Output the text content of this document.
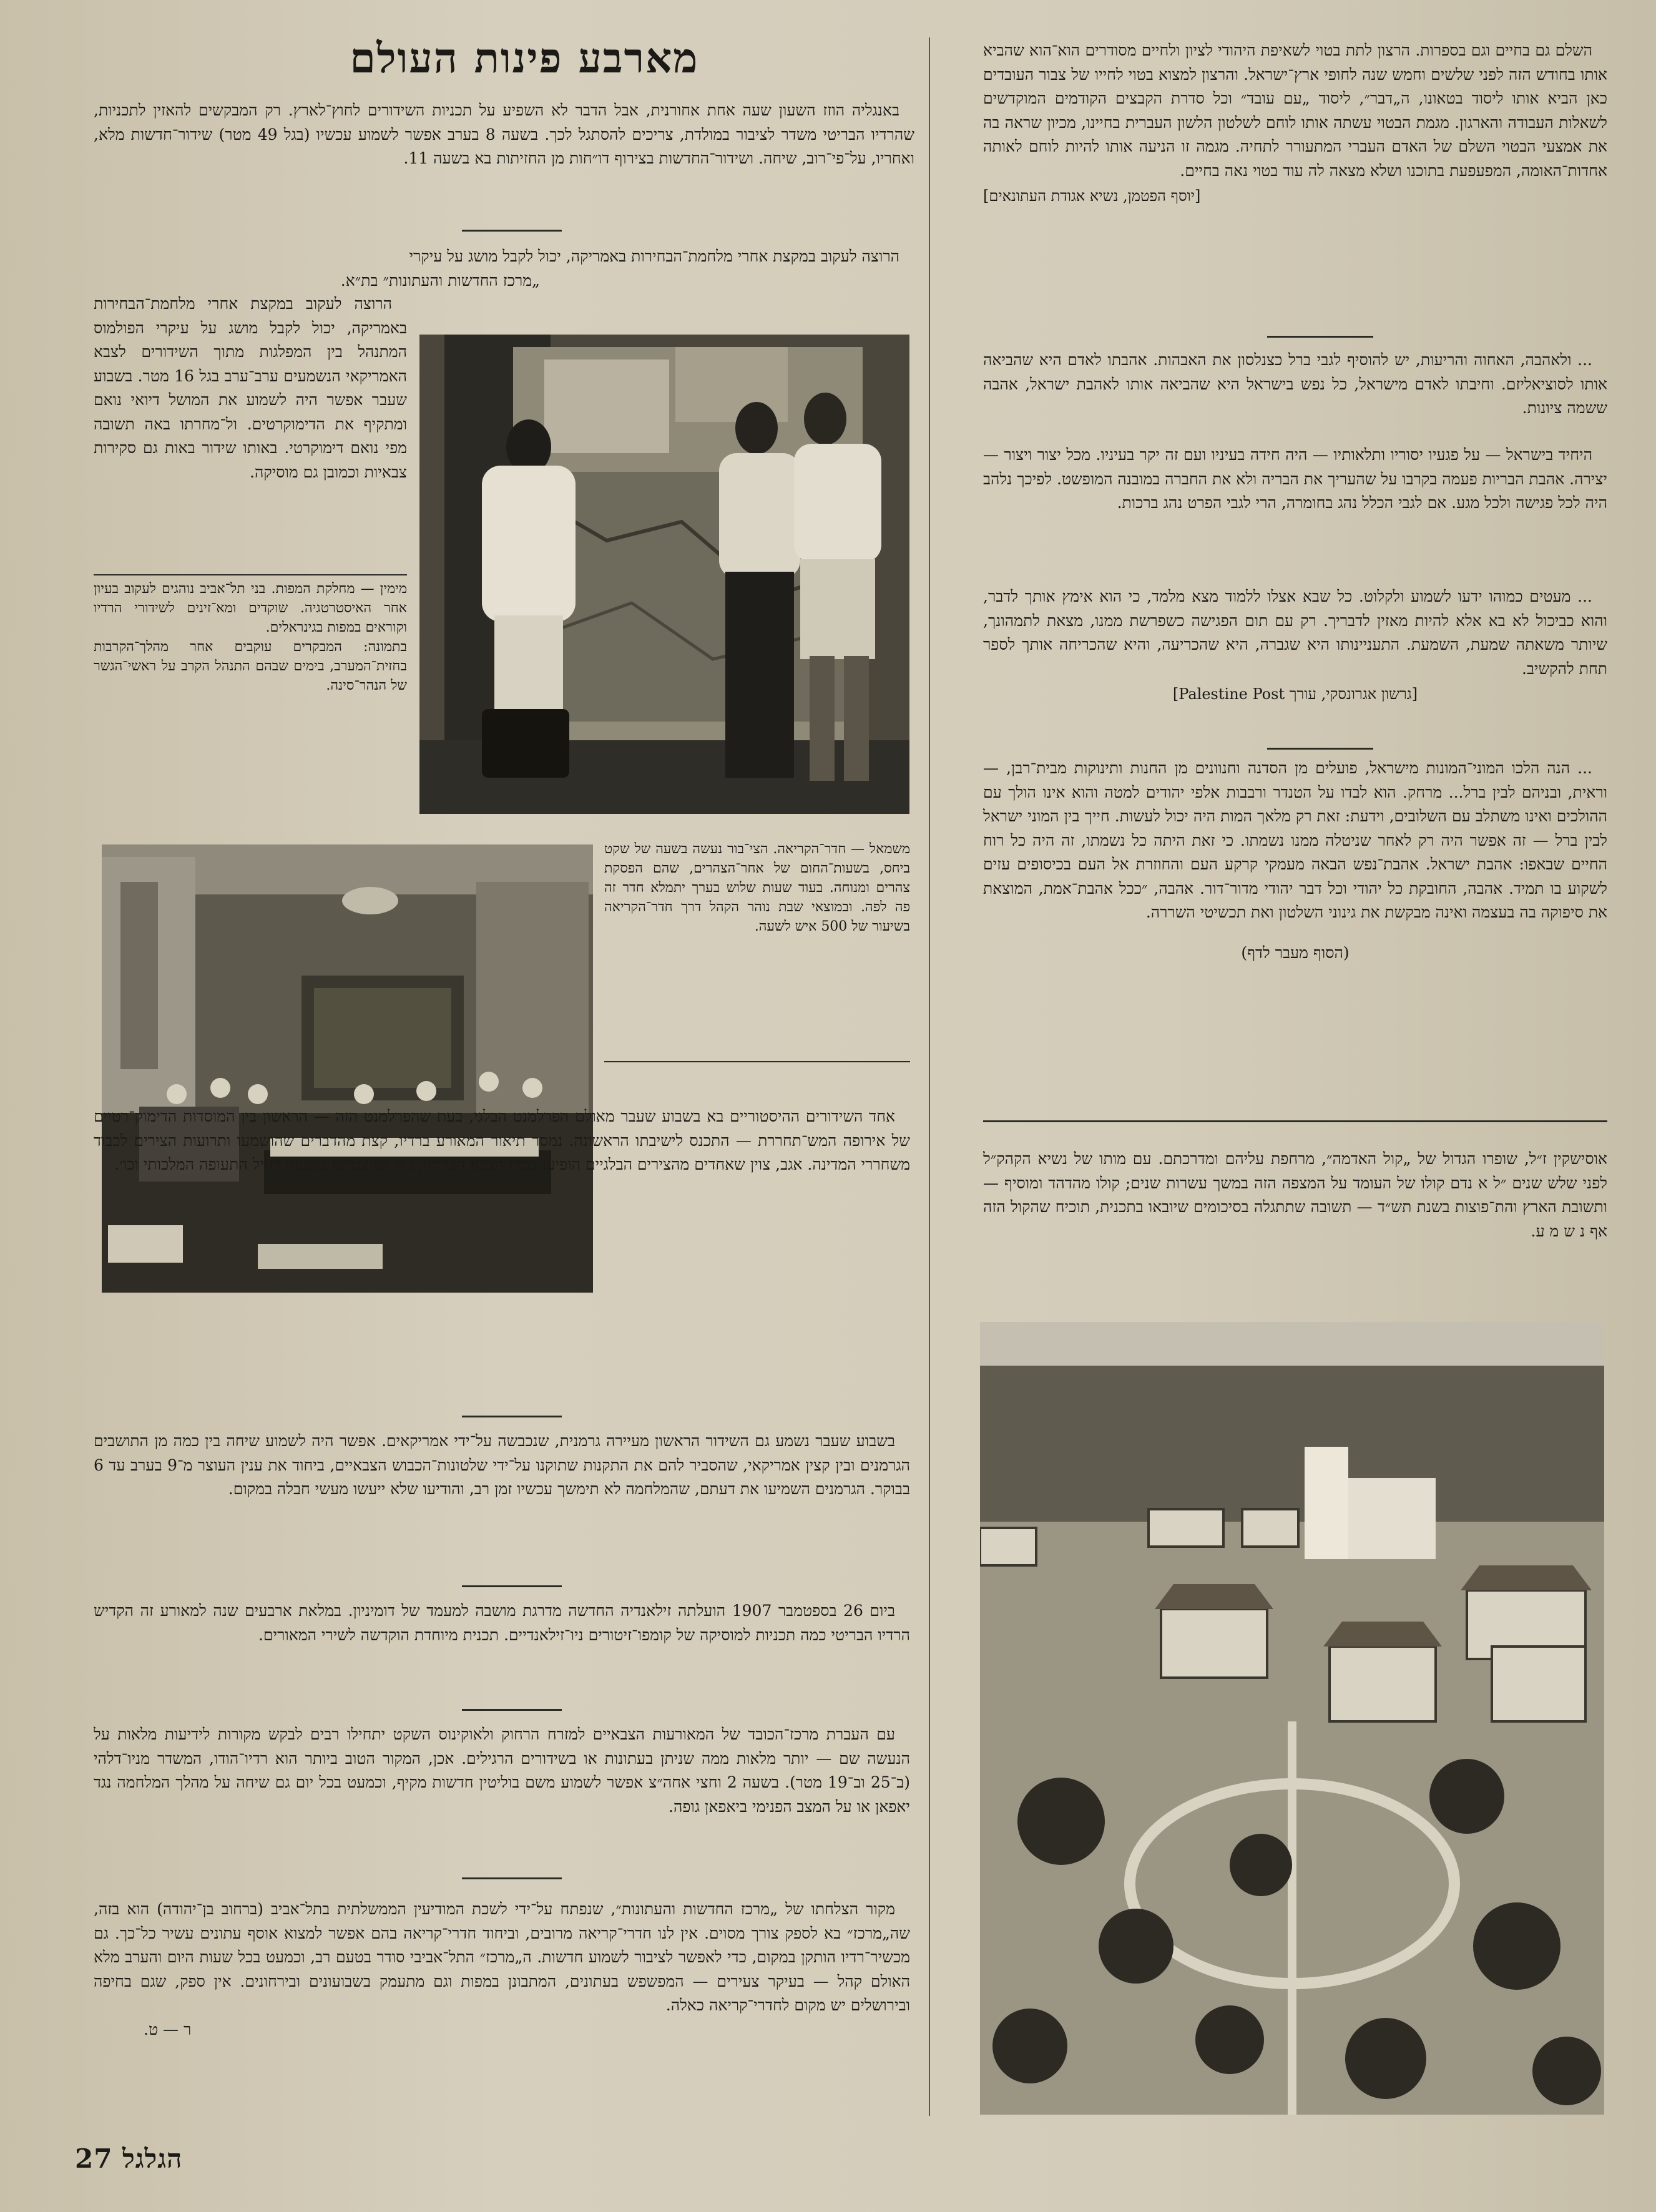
מארבע פינות העולם

באנגליה הוזז השעון שעה אחת אחורנית, אבל הדבר לא השפיע על תכניות השידורים לחוץ־לארץ. רק המבקשים להאזין לתכניות, שהרדיו הבריטי משדר לציבור במולדת, צריכים להסתגל לכך. בשעה 8 בערב אפשר לשמוע עכשיו (בגל 49 מטר) שידור־חדשות מלא, ואחריו, על־פי־רוב, שיחה. ושידור־החדשות בצירוף דו״חות מן החזיתות בא בשעה 11.

הרוצה לעקוב במקצת אחרי מלחמת־הבחירות באמריקה, יכול לקבל מושג על עיקרי

„מרכז החדשות והעתונות״ בת״א.

הרוצה לעקוב במקצת אחרי מלחמת־הבחירות באמריקה, יכול לקבל מושג על עיקרי הפולמוס המתנהל בין המפלגות מתוך השידורים לצבא האמריקאי הנשמעים ערב־ערב בגל 16 מטר. בשבוע שעבר אפשר היה לשמוע את המושל דיואי נואם ומתקיף את הדימוקרטים. ול־מחרתו באה תשובה מפי נואם דימוקרטי. באותו שידור באות גם סקירות צבאיות וכמובן גם מוסיקה.

מימין — מחלקת המפות. בני תל־אביב נוהגים לעקוב בעיון אחר האיסטרטגיה. שוקדים ומא־זינים לשידורי הרדיו וקוראים במפות בגינראלים.
בתמונה: המבקרים עוקבים אחר מהלך־הקרבות בחזית־המערב, בימים שבהם התנהל הקרב על ראשי־הגשר של הנהר־סינה.
משמאל — חדר־הקריאה. הצי־בור נעשה בשעה של שקט ביחס, בשעות־החום של אחר־הצהרים, שהם הפסקת צהרים ומנוחה. בעוד שעות שלוש בערך יתמלא חדר זה פה לפה. ובמוצאי שבת נוהר הקהל דרך חדר־הקריאה בשיעור של 500 איש לשעה.

אחד השידורים ההיסטוריים בא בשבוע שעבר מאולם הפרלמנט הבלגי, בעת שהפרלמנט הזה — הראשון בין המוסדות הדימוק־רטיים של אירופה המש־תחררת — התכנס לישיבתו הראשונה. נמסר תיאור המאורע ברדיו, קצת מהדברים שהושמעו ותרועות הצירים לכבוד משחררי המדינה. אגב, צוין שאחדים מהצירים הבלגיים הופיעו במדי הצבא הבריטי, כיון שהצטרפו בשעתו לחיל התעופה המלכותי וכו׳.

בשבוע שעבר נשמע גם השידור הראשון מעיירה גרמנית, שנכבשה על־ידי אמריקאים. אפשר היה לשמוע שיחה בין כמה מן התושבים הגרמנים ובין קצין אמריקאי, שהסביר להם את התקנות שתוקנו על־ידי שלטונות־הכבוש הצבאיים, ביחוד את ענין העוצר מ־9 בערב עד 6 בבוקר. הגרמנים השמיעו את דעתם, שהמלחמה לא תימשך עכשיו זמן רב, והודיעו שלא ייעשו מעשי חבלה במקום.

ביום 26 בספטמבר 1907 הועלתה זילאנדיה החדשה מדרגת מושבה למעמד של דומיניון. במלאת ארבעים שנה למאורע זה הקדיש הרדיו הבריטי כמה תכניות למוסיקה של קומפו־זיטורים ניו־זילאנדיים. תכנית מיוחדת הוקדשה לשירי המאורים.

עם העברת מרכז־הכובד של המאורעות הצבאיים למזרח הרחוק ולאוקינוס השקט יתחילו רבים לבקש מקורות לידיעות מלאות על הנעשה שם — יותר מלאות ממה שניתן בעתונות או בשידורים הרגילים. אכן, המקור הטוב ביותר הוא רדיו־הודו, המשדר מניו־דלהי (ב־25 וב־19 מטר). בשעה 2 וחצי אחה״צ אפשר לשמוע משם בוליטין חדשות מקיף, וכמעט בכל יום גם שיחה על מהלך המלחמה נגד יאפאן או על המצב הפנימי ביאפאן גופה.

מקור הצלחתו של „מרכז החדשות והעתונות״, שנפתח על־ידי לשכת המודיעין הממשלתית בתל־אביב (ברחוב בן־יהודה) הוא בזה, שה„מרכז״ בא לספק צורך מסוים. אין לנו חדרי־קריאה מרובים, וביחוד חדרי־קריאה בהם אפשר למצוא אוסף עתונים עשיר כל־כך. גם מכשיר־רדיו הותקן במקום, כדי לאפשר לציבור לשמוע חדשות. ה„מרכז״ התל־אביבי סודר בטעם רב, וכמעט בכל שעות היום והערב מלא האולם קהל — בעיקר צעירים — המפשפש בעתונים, המתבונן במפות וגם מתעמק בשבועונים ובירחונים. אין ספק, שגם בחיפה ובירושלים יש מקום לחדרי־קריאה כאלה.

ר — ט.

השלם גם בחיים וגם בספרות. הרצון לתת בטוי לשאיפת היהודי לציון ולחיים מסודרים הוא־הוא שהביא אותו בחודש הזה לפני שלשים וחמש שנה לחופי ארץ־ישראל. והרצון למצוא בטוי לחייו של צבור העובדים כאן הביא אותו ליסוד בטאונו, ה„דבר״, ליסוד „עם עובד״ וכל סדרת הקבצים הקודמים המוקדשים לשאלות העבודה והארגון. מגמת הבטוי עשתה אותו לוחם לשלטון הלשון העברית בחיינו, מכיון שראה בה את אמצעי הבטוי השלם של האדם העברי המתעורר לתחיה. מגמה זו הניעה אותו להיות לוחם לאותה אחדות־האומה, המפעפעת בתוכנו ושלא מצאה לה עוד בטוי נאה בחיים.

[יוסף הפטמן, נשיא אגודת העתונאים]

... ולאהבה, האחוה והריעות, יש להוסיף לגבי ברל כצנלסון את האבהות. אהבתו לאדם היא שהביאה אותו לסוציאליזם. וחיבתו לאדם מישראל, כל נפש בישראל היא שהביאה אותו לאהבת ישראל, אהבה ששמה ציונות.

היחיד בישראל — על פגעיו יסוריו ותלאותיו — היה חידה בעיניו ועם זה יקר בעיניו. מכל יצור ויצור — יצירה. אהבת הבריות פעמה בקרבו על שהעריך את הבריה ולא את החברה במובנה המופשט. לפיכך נלהב היה לכל פגישה ולכל מגע. אם לגבי הכלל נהג בחומרה, הרי לגבי הפרט נהג ברכות.

... מעטים כמוהו ידעו לשמוע ולקלוט. כל שבא אצלו ללמוד מצא מלמד, כי הוא אימץ אותך לדבר, והוא כביכול לא בא אלא להיות מאזין לדבריך. רק עם תום הפגישה כשפרשת ממנו, מצאת לתמהונך, שיותר משאתה שמעת, השמעת. התעניינותו היא שגברה, היא שהכריעה, והיא שהכריחה אותך לספר תחת להקשיב.

[גרשון אגרונסקי, עורך Palestine Post]

... הנה הלכו המוני־המונות מישראל, פועלים מן הסדנה וחנוונים מן החנות ותינוקות מבית־רבן, — וראית, ובניהם לבין ברל... מרחק. הוא לבדו על הטנדר ורבבות אלפי יהודים למטה והוא אינו הולך עם ההולכים ואינו משתלב עם השלובים, וידעת: זאת רק מלאך המות היה יכול לעשות. חייך בין המוני ישראל לבין ברל — זה אפשר היה רק לאחר שניטלה ממנו נשמתו. כי זאת היתה כל נשמתו, זה היה כל רוח החיים שבאפו: אהבת ישראל. אהבת־נפש הבאה מעמקי קרקע העם והחוזרת אל העם בכיסופים עזים לשקוע בו תמיד. אהבה, החובקת כל יהודי וכל דבר יהודי מדור־דור. אהבה, ״ככל אהבת־אמת, המוצאת את סיפוקה בה בעצמה ואינה מבקשת את גינוני השלטון ואת תכשיטי השררה.

(הסוף מעבר לדף)

אוסישקין ז״ל, שופרו הגדול של „קול האדמה״, מרחפת עליהם ומדרכתם. עם מותו של נשיא הקהק״ל לפני שלש שנים ״ל א נדם קולו של העומד על המצפה הזה במשך עשרות שנים; קולו מהדהד ומוסיף — ותשובת הארץ והת־פוצות בשנת תש״ד — תשובה שתתגלה בסיכומים שיובאו בתכנית, תוכיח שהקול הזה אף נ ש מ ע.

הגלגל 27
